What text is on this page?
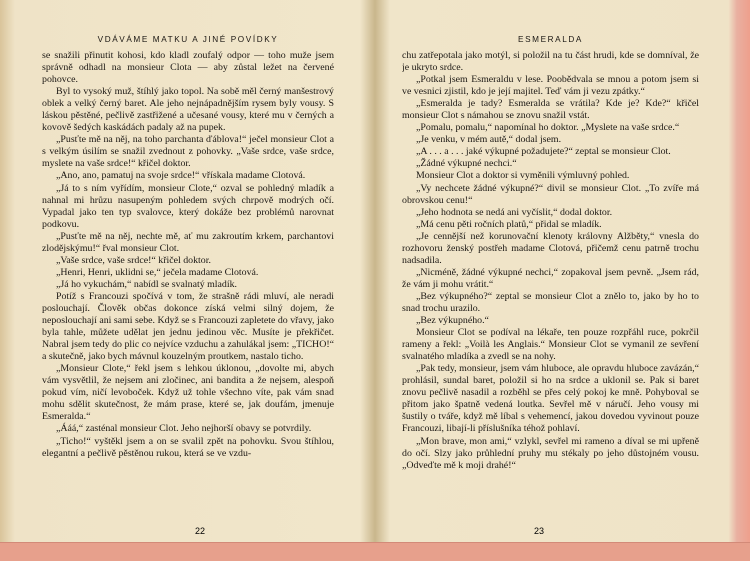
VDÁVÁME MATKU A JINÉ POVÍDKY

se snažili přinutit kohosi, kdo kladl zoufalý odpor — toho muže jsem správně odhadl na monsieur Clota — aby zůstal ležet na červené pohovce.

Byl to vysoký muž, štíhlý jako topol. Na sobě měl černý manšestrový oblek a velký černý baret. Ale jeho nejnápadnějším rysem byly vousy. S láskou pěstěné, pečlivě zastřižené a učesané vousy, které mu v černých a kovově šedých kaskádách padaly až na pupek.

„Pusťte mě na něj, na toho parchanta ďáblova!“ ječel monsieur Clot a s velkým úsilím se snažil zvednout z pohovky. „Vaše srdce, vaše srdce, myslete na vaše srdce!“ křičel doktor.

„Ano, ano, pamatuj na svoje srdce!“ vřískala madame Clotová.

„Já to s ním vyřídím, monsieur Clote,“ ozval se pohledný mladík a nahnal mi hrůzu nasupeným pohledem svých chrpově modrých očí. Vypadal jako ten typ svalovce, který dokáže bez problémů narovnat podkovu.

„Pusťte mě na něj, nechte mě, ať mu zakroutím krkem, parchantovi zlodějskýmu!“ řval monsieur Clot.

„Vaše srdce, vaše srdce!“ křičel doktor.

„Henri, Henri, uklidni se,“ ječela madame Clotová.

„Já ho vykuchám,“ nabídl se svalnatý mladík.

Potíž s Francouzi spočívá v tom, že strašně rádi mluví, ale neradi poslouchají. Člověk občas dokonce získá velmi silný dojem, že neposlouchají ani sami sebe. Když se s Francouzi zapletete do vřavy, jako byla tahle, můžete udělat jen jednu jedinou věc. Musíte je překřičet. Nabral jsem tedy do plic co nejvíce vzduchu a zahulákal jsem: „TICHO!“ a skutečně, jako bych mávnul kouzelným proutkem, nastalo ticho.

„Monsieur Clote,“ řekl jsem s lehkou úklonou, „dovolte mi, abych vám vysvětlil, že nejsem ani zločinec, ani bandita a že nejsem, alespoň pokud vím, ničí levoboček. Když už tohle všechno víte, pak vám snad mohu sdělit skutečnost, že mám prase, které se, jak doufám, jmenuje Esmeralda.“

„Ááá,“ zasténal monsieur Clot. Jeho nejhorší obavy se potvrdily.

„Ticho!“ vyštěkl jsem a on se svalil zpět na pohovku. Svou štíhlou, elegantní a pečlivě pěstěnou rukou, která se ve vzdu-

ESMERALDA

chu zatřepotala jako motýl, si položil na tu část hrudi, kde se domníval, že je ukryto srdce.

„Potkal jsem Esmeraldu v lese. Poobědvala se mnou a potom jsem si ve vesnici zjistil, kdo je její majitel. Teď vám ji vezu zpátky.“

„Esmeralda je tady? Esmeralda se vrátila? Kde je? Kde?“ křičel monsieur Clot s námahou se znovu snažil vstát.

„Pomalu, pomalu,“ napomínal ho doktor. „Myslete na vaše srdce.“

„Je venku, v mém autě,“ dodal jsem.

„A . . . a . . . jaké výkupné požadujete?“ zeptal se monsieur Clot.

„Žádné výkupné nechci.“

Monsieur Clot a doktor si vyměnili výmluvný pohled.

„Vy nechcete žádné výkupné?“ divil se monsieur Clot. „To zvíře má obrovskou cenu!“

„Jeho hodnota se nedá ani vyčíslit,“ dodal doktor.

„Má cenu pěti ročních platů,“ přidal se mladík.

„Je cennější než korunovační klenoty královny Alžběty,“ vnesla do rozhovoru ženský postřeh madame Clotová, přičemž cenu patrně trochu nadsadila.

„Nicméně, žádné výkupné nechci,“ zopakoval jsem pevně. „Jsem rád, že vám ji mohu vrátit.“

„Bez výkupného?“ zeptal se monsieur Clot a znělo to, jako by ho to snad trochu urazilo.

„Bez výkupného.“

Monsieur Clot se podíval na lékaře, ten pouze rozpřáhl ruce, pokrčil rameny a řekl: „Voilà les Anglais.“ Monsieur Clot se vymanil ze sevření svalnatého mladíka a zvedl se na nohy.

„Pak tedy, monsieur, jsem vám hluboce, ale opravdu hluboce zavázán,“ prohlásil, sundal baret, položil si ho na srdce a uklonil se. Pak si baret znovu pečlivě nasadil a rozběhl se přes celý pokoj ke mně. Pohyboval se přitom jako špatně vedená loutka. Sevřel mě v náručí. Jeho vousy mi šustily o tváře, když mě líbal s vehemencí, jakou dovedou vyvinout pouze Francouzi, libají-li příslušníka téhož pohlaví.

„Mon brave, mon ami,“ vzlykl, sevřel mi rameno a díval se mi upřeně do očí. Slzy jako průhlední pruhy mu stékaly po jeho důstojném vousu. „Odveďte mě k moji drahé!“

22	23
